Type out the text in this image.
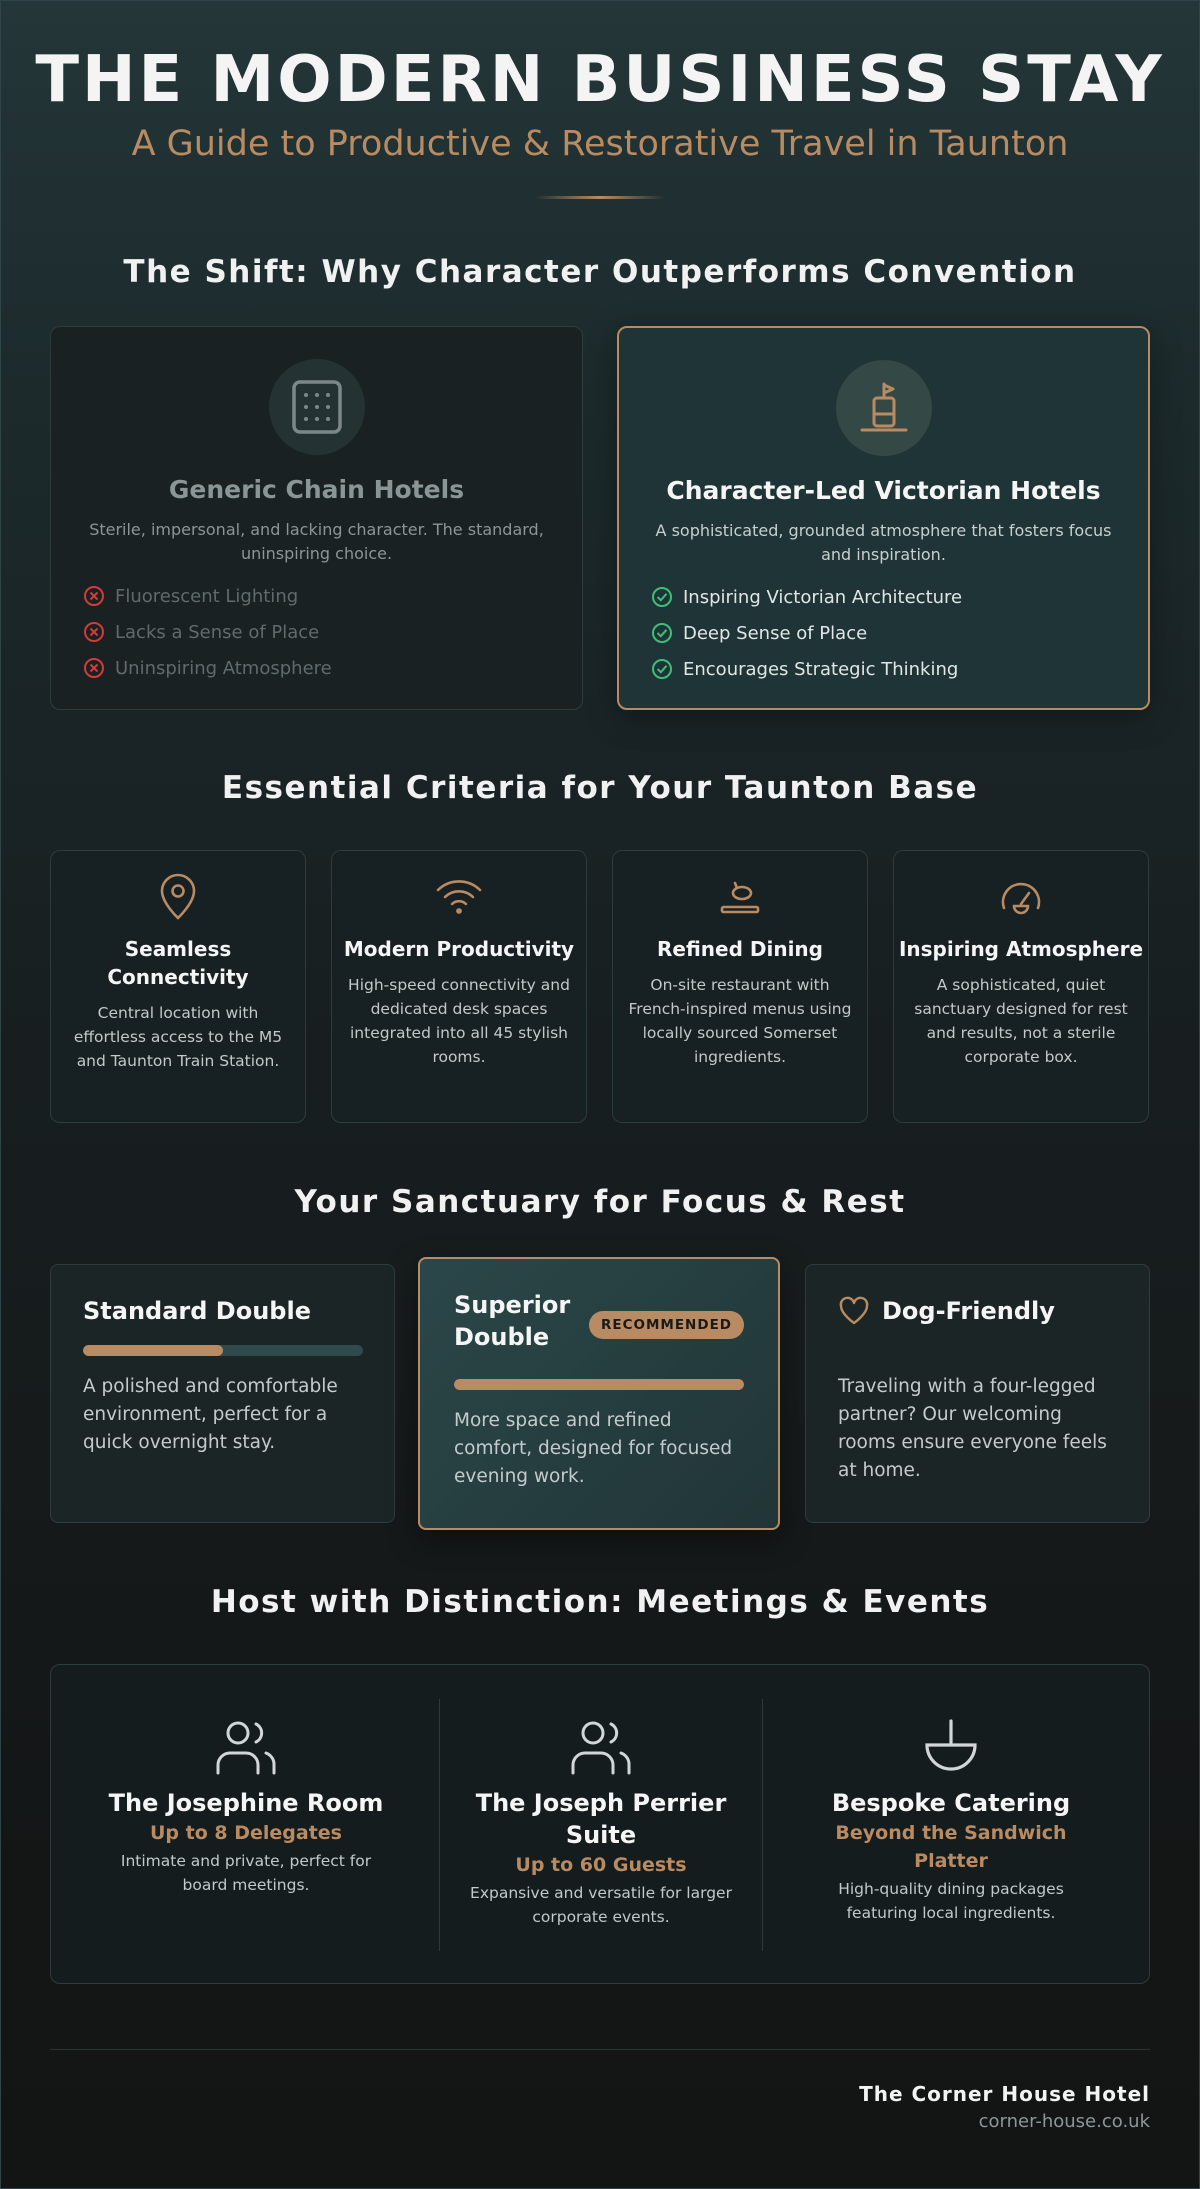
THE MODERN BUSINESS STAY
A Guide to Productive & Restorative Travel in Taunton
The Shift: Why Character Outperforms Convention
Generic Chain Hotels
Sterile, impersonal, and lacking character. The standard, uninspiring choice.
Fluorescent Lighting
Lacks a Sense of Place
Uninspiring Atmosphere
Character-Led Victorian Hotels
A sophisticated, grounded atmosphere that fosters focus and inspiration.
Inspiring Victorian Architecture
Deep Sense of Place
Encourages Strategic Thinking
Essential Criteria for Your Taunton Base
Seamless Connectivity
Central location with effortless access to the M5 and Taunton Train Station.
Modern Productivity
High-speed connectivity and dedicated desk spaces integrated into all 45 stylish rooms.
Refined Dining
On-site restaurant with French-inspired menus using locally sourced Somerset ingredients.
Inspiring Atmosphere
A sophisticated, quiet sanctuary designed for rest and results, not a sterile corporate box.
Your Sanctuary for Focus & Rest
Standard Double
A polished and comfortable environment, perfect for a quick overnight stay.
Superior Double	RECOMMENDED
More space and refined comfort, designed for focused evening work.
Dog-Friendly
Traveling with a four-legged partner? Our welcoming rooms ensure everyone feels at home.
Host with Distinction: Meetings & Events
The Josephine Room
Up to 8 Delegates
Intimate and private, perfect for board meetings.
The Joseph Perrier Suite
Up to 60 Guests
Expansive and versatile for larger corporate events.
Bespoke Catering
Beyond the Sandwich Platter
High-quality dining packages featuring local ingredients.
The Corner House Hotel
corner-house.co.uk
